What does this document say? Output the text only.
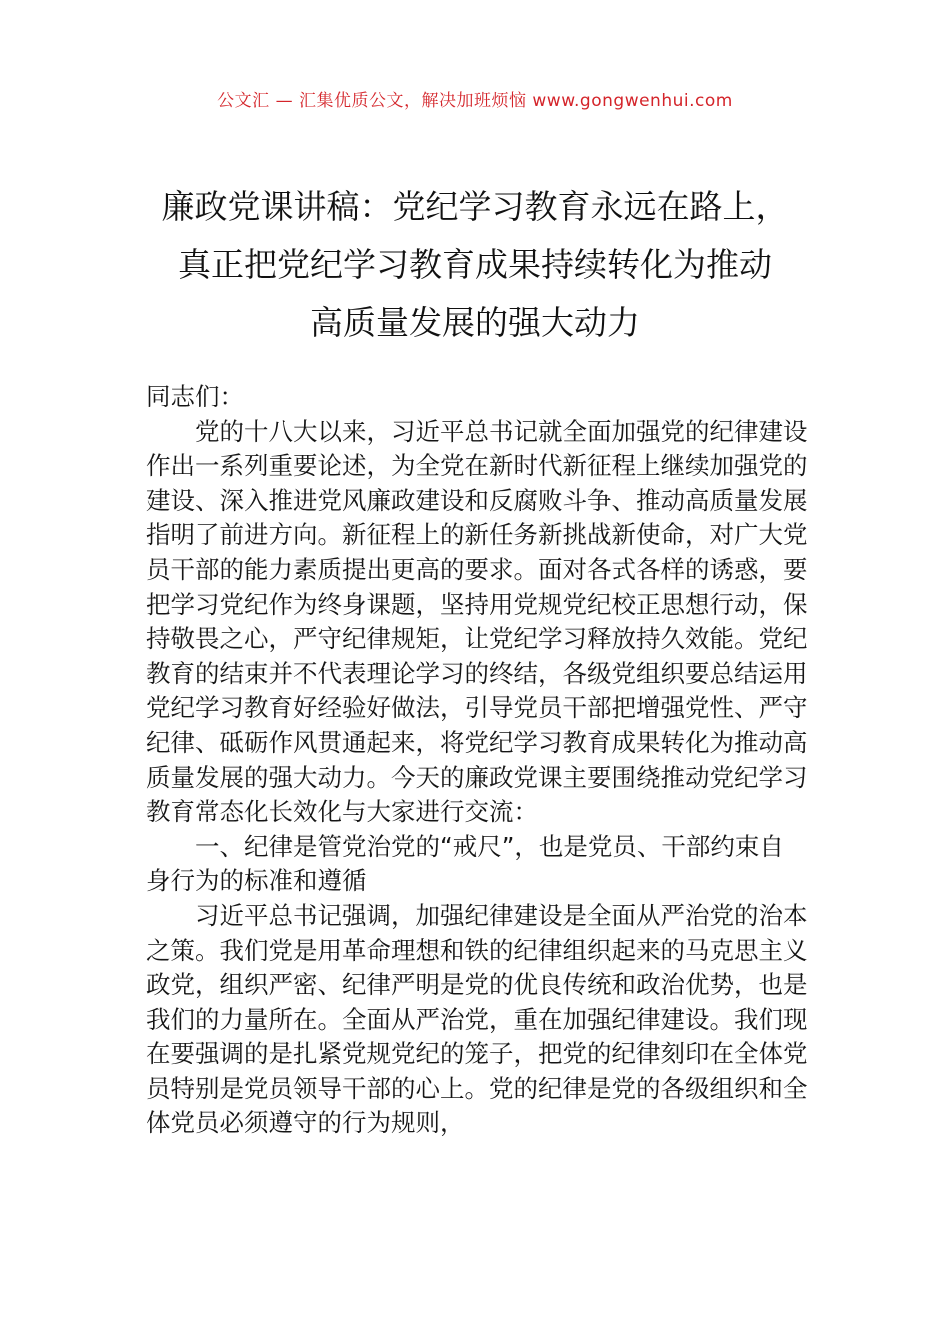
公文汇 — 汇集优质公文，解决加班烦恼 www.gongwenhui.com
廉政党课讲稿：党纪学习教育永远在路上，
真正把党纪学习教育成果持续转化为推动
高质量发展的强大动力

同志们：

党的十八大以来，习近平总书记就全面加强党的纪律建设作出一系列重要论述，为全党在新时代新征程上继续加强党的建设、深入推进党风廉政建设和反腐败斗争、推动高质量发展指明了前进方向。新征程上的新任务新挑战新使命，对广大党员干部的能力素质提出更高的要求。面对各式各样的诱惑，要把学习党纪作为终身课题，坚持用党规党纪校正思想行动，保持敬畏之心，严守纪律规矩，让党纪学习释放持久效能。党纪教育的结束并不代表理论学习的终结，各级党组织要总结运用党纪学习教育好经验好做法，引导党员干部把增强党性、严守纪律、砥砺作风贯通起来，将党纪学习教育成果转化为推动高质量发展的强大动力。今天的廉政党课主要围绕推动党纪学习教育常态化长效化与大家进行交流：

一、纪律是管党治党的“戒尺”，也是党员、干部约束自身行为的标准和遵循

习近平总书记强调，加强纪律建设是全面从严治党的治本之策。我们党是用革命理想和铁的纪律组织起来的马克思主义政党，组织严密、纪律严明是党的优良传统和政治优势，也是我们的力量所在。全面从严治党，重在加强纪律建设。我们现在要强调的是扎紧党规党纪的笼子，把党的纪律刻印在全体党员特别是党员领导干部的心上。党的纪律是党的各级组织和全体党员必须遵守的行为规则，
